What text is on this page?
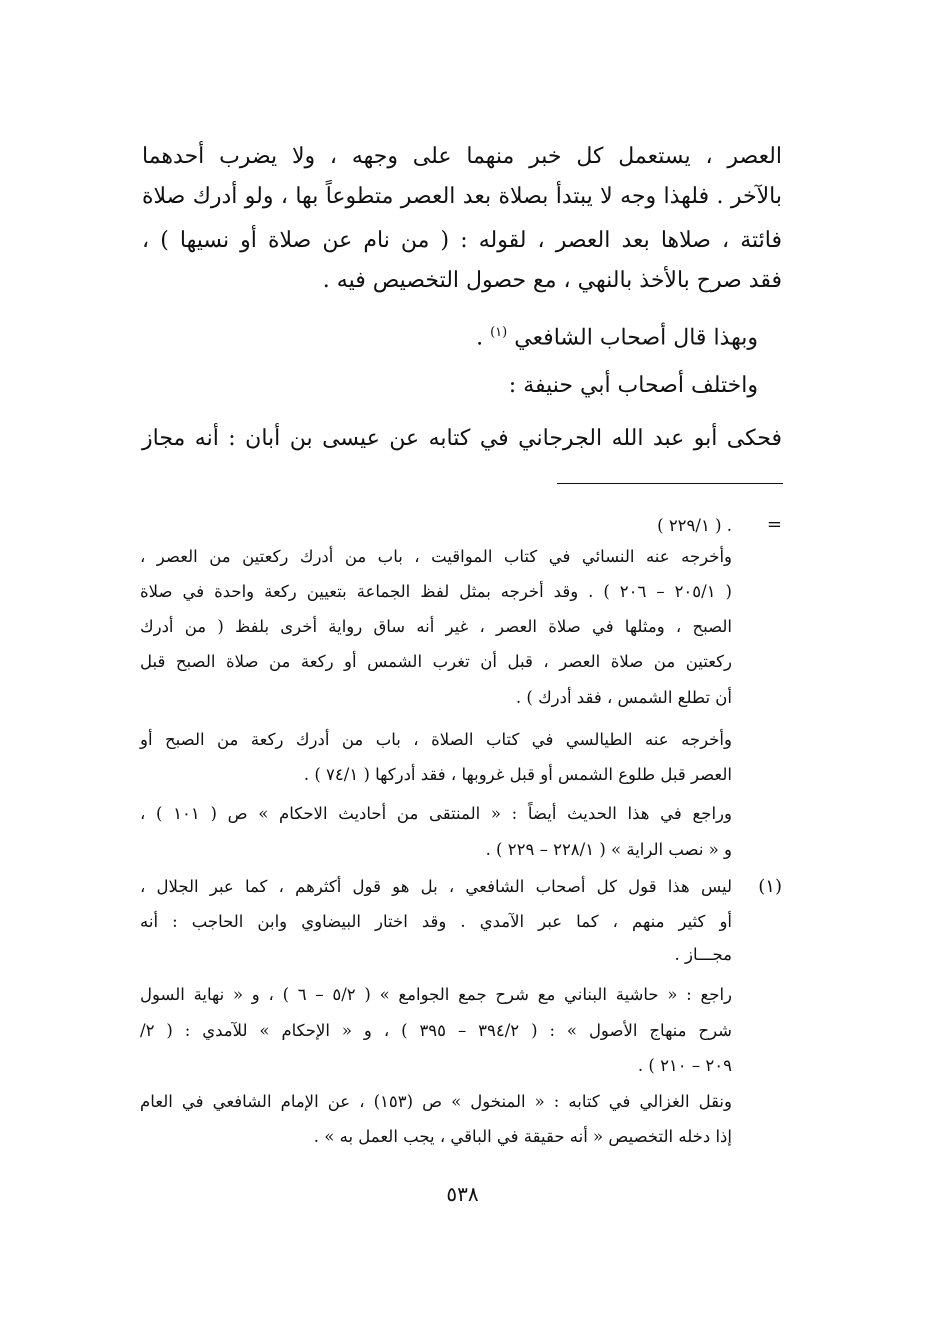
العصر ، يستعمل كل خبر منهما على وجهه ، ولا يضرب أحدهما

بالآخر . فلهذا وجه لا يبتدأ بصلاة بعد العصر متطوعاً بها ، ولو أدرك صلاة

فائتة ، صلاها بعد العصر ، لقوله : ( من نام عن صلاة أو نسيها ) ،

فقد صرح بالأخذ بالنهي ، مع حصول التخصيص فيه .

وبهذا قال أصحاب الشافعي $^{(١)}$ .

واختلف أصحاب أبي حنيفة :

فحكى أبو عبد الله الجرجاني في كتابه عن عيسى بن أبان : أنه مجاز

=

. ( ٢٢٩/١ )

وأخرجه عنه النسائي في كتاب المواقيت ، باب من أدرك ركعتين من العصر ،

( ٢٠٥/١ – ٢٠٦ ) . وقد أخرجه بمثل لفظ الجماعة بتعيين ركعة واحدة في صلاة

الصبح ، ومثلها في صلاة العصر ، غير أنه ساق رواية أخرى بلفظ ( من أدرك

ركعتين من صلاة العصر ، قبل أن تغرب الشمس أو ركعة من صلاة الصبح قبل

أن تطلع الشمس ، فقد أدرك ) .

وأخرجه عنه الطيالسي في كتاب الصلاة ، باب من أدرك ركعة من الصبح أو

العصر قبل طلوع الشمس أو قبل غروبها ، فقد أدركها ( ٧٤/١ ) .

وراجع في هذا الحديث أيضاً : « المنتقى من أحاديث الاحكام » ص ( ١٠١ ) ،

و « نصب الراية » ( ٢٢٨/١ – ٢٢٩ ) .

(١)

ليس هذا قول كل أصحاب الشافعي ، بل هو قول أكثرهم ، كما عبر الجلال ،

أو كثير منهم ، كما عبر الآمدي . وقد اختار البيضاوي وابن الحاجب : أنه

مجـــاز .

راجع : « حاشية البناني مع شرح جمع الجوامع » ( ٥/٢ – ٦ ) ، و « نهاية السول

شرح منهاج الأصول » : ( ٣٩٤/٢ – ٣٩٥ ) ، و « الإحكام » للآمدي : ( ٢/

٢٠٩ – ٢١٠ ) .

ونقل الغزالي في كتابه : « المنخول » ص (١٥٣) ، عن الإمام الشافعي في العام

إذا دخله التخصيص « أنه حقيقة في الباقي ، يجب العمل به » .

٥٣٨
